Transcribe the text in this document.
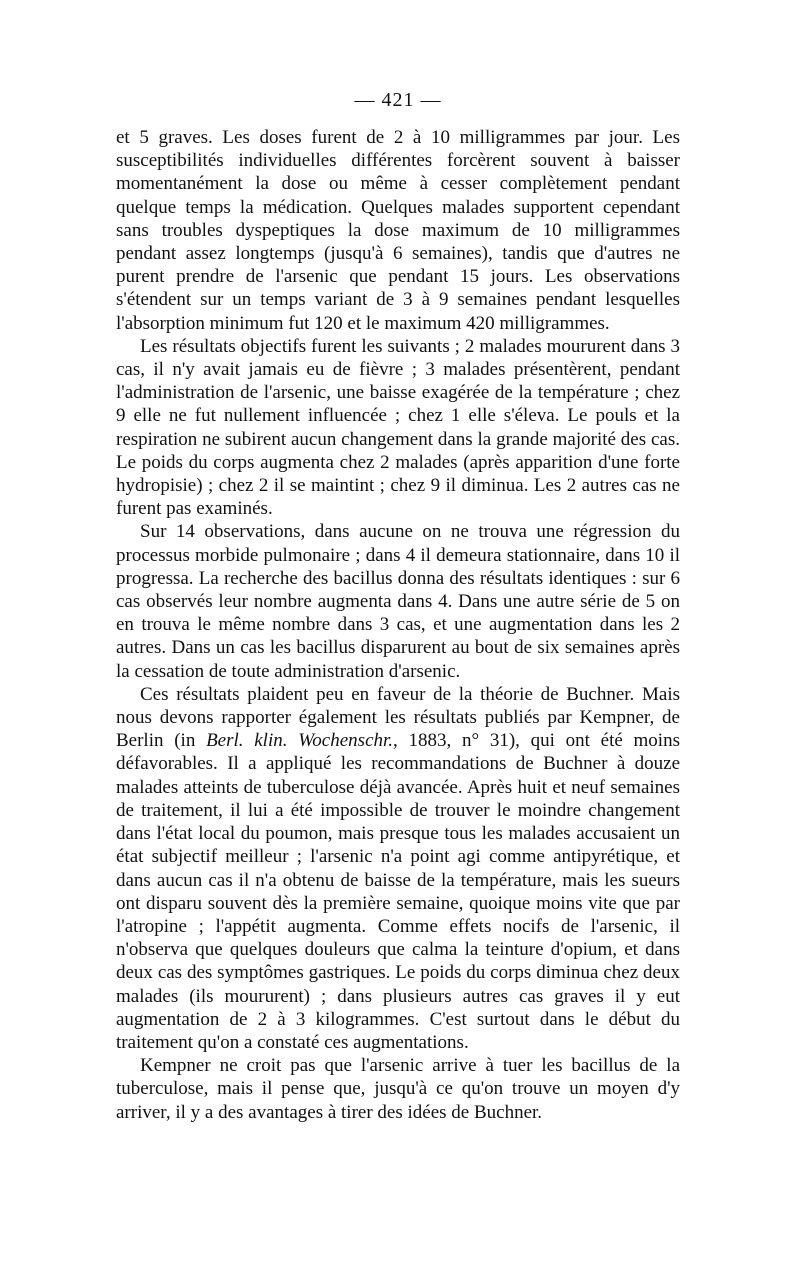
— 421 —

et 5 graves. Les doses furent de 2 à 10 milligrammes par jour. Les susceptibilités individuelles différentes forcèrent souvent à baisser momentanément la dose ou même à cesser complètement pendant quelque temps la médication. Quelques malades supportent cependant sans troubles dyspeptiques la dose maximum de 10 milligrammes pendant assez longtemps (jusqu'à 6 semaines), tandis que d'autres ne purent prendre de l'arsenic que pendant 15 jours. Les observations s'étendent sur un temps variant de 3 à 9 semaines pendant lesquelles l'absorption minimum fut 120 et le maximum 420 milligrammes.

Les résultats objectifs furent les suivants ; 2 malades moururent dans 3 cas, il n'y avait jamais eu de fièvre ; 3 malades présentèrent, pendant l'administration de l'arsenic, une baisse exagérée de la température ; chez 9 elle ne fut nullement influencée ; chez 1 elle s'éleva. Le pouls et la respiration ne subirent aucun changement dans la grande majorité des cas. Le poids du corps augmenta chez 2 malades (après apparition d'une forte hydropisie) ; chez 2 il se maintint ; chez 9 il diminua. Les 2 autres cas ne furent pas examinés.

Sur 14 observations, dans aucune on ne trouva une régression du processus morbide pulmonaire ; dans 4 il demeura stationnaire, dans 10 il progressa. La recherche des bacillus donna des résultats identiques : sur 6 cas observés leur nombre augmenta dans 4. Dans une autre série de 5 on en trouva le même nombre dans 3 cas, et une augmentation dans les 2 autres. Dans un cas les bacillus disparurent au bout de six semaines après la cessation de toute administration d'arsenic.

Ces résultats plaident peu en faveur de la théorie de Buchner. Mais nous devons rapporter également les résultats publiés par Kempner, de Berlin (in Berl. klin. Wochenschr., 1883, n° 31), qui ont été moins défavorables. Il a appliqué les recommandations de Buchner à douze malades atteints de tuberculose déjà avancée. Après huit et neuf semaines de traitement, il lui a été impossible de trouver le moindre changement dans l'état local du poumon, mais presque tous les malades accusaient un état subjectif meilleur ; l'arsenic n'a point agi comme antipyrétique, et dans aucun cas il n'a obtenu de baisse de la température, mais les sueurs ont disparu souvent dès la première semaine, quoique moins vite que par l'atropine ; l'appétit augmenta. Comme effets nocifs de l'arsenic, il n'observa que quelques douleurs que calma la teinture d'opium, et dans deux cas des symptômes gastriques. Le poids du corps diminua chez deux malades (ils moururent) ; dans plusieurs autres cas graves il y eut augmentation de 2 à 3 kilogrammes. C'est surtout dans le début du traitement qu'on a constaté ces augmentations.

Kempner ne croit pas que l'arsenic arrive à tuer les bacillus de la tuberculose, mais il pense que, jusqu'à ce qu'on trouve un moyen d'y arriver, il y a des avantages à tirer des idées de Buchner.
